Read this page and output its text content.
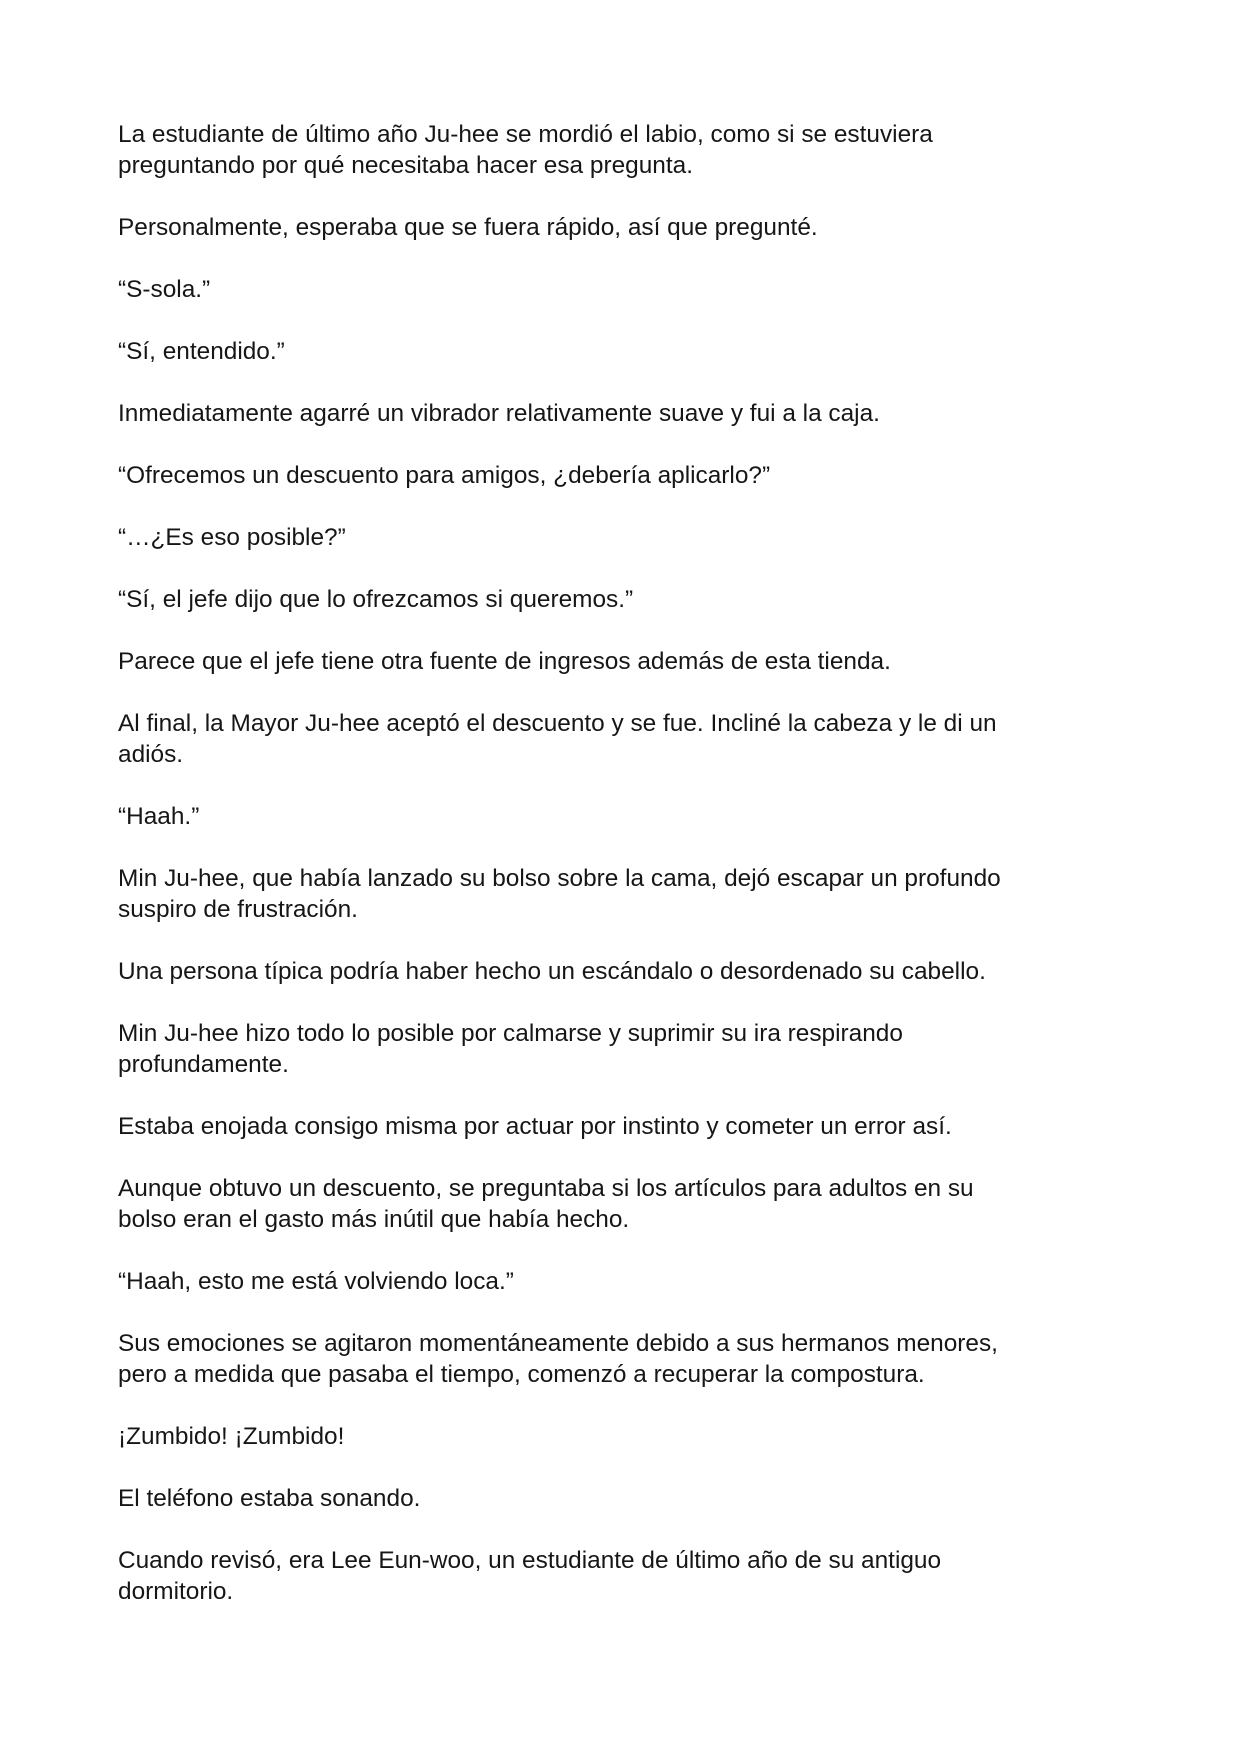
La estudiante de último año Ju-hee se mordió el labio, como si se estuviera
preguntando por qué necesitaba hacer esa pregunta.

Personalmente, esperaba que se fuera rápido, así que pregunté.

“S-sola.”

“Sí, entendido.”

Inmediatamente agarré un vibrador relativamente suave y fui a la caja.

“Ofrecemos un descuento para amigos, ¿debería aplicarlo?”

“…¿Es eso posible?”

“Sí, el jefe dijo que lo ofrezcamos si queremos.”

Parece que el jefe tiene otra fuente de ingresos además de esta tienda.

Al final, la Mayor Ju-hee aceptó el descuento y se fue. Incliné la cabeza y le di un
adiós.

“Haah.”

Min Ju-hee, que había lanzado su bolso sobre la cama, dejó escapar un profundo
suspiro de frustración.

Una persona típica podría haber hecho un escándalo o desordenado su cabello.

Min Ju-hee hizo todo lo posible por calmarse y suprimir su ira respirando
profundamente.

Estaba enojada consigo misma por actuar por instinto y cometer un error así.

Aunque obtuvo un descuento, se preguntaba si los artículos para adultos en su
bolso eran el gasto más inútil que había hecho.

“Haah, esto me está volviendo loca.”

Sus emociones se agitaron momentáneamente debido a sus hermanos menores,
pero a medida que pasaba el tiempo, comenzó a recuperar la compostura.

¡Zumbido! ¡Zumbido!

El teléfono estaba sonando.

Cuando revisó, era Lee Eun-woo, un estudiante de último año de su antiguo
dormitorio.
